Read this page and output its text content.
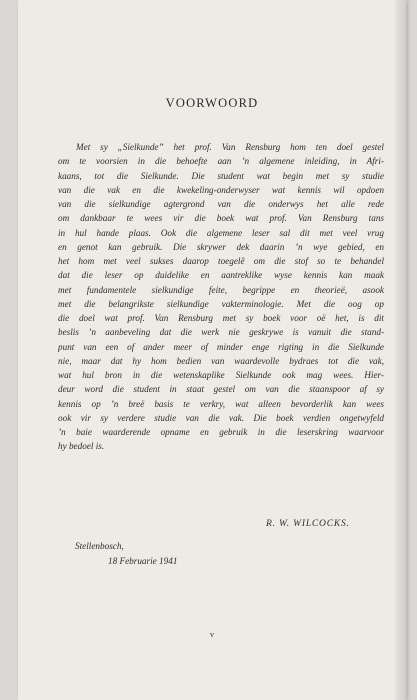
VOORWOORD
Met sy „Sielkunde” het prof. Van Rensburg hom ten doel gestel
om te voorsien in die behoefte aan ’n algemene inleiding, in Afri-
kaans, tot die Sielkunde. Die student wat begin met sy studie
van die vak en die kwekeling-onderwyser wat kennis wil opdoen
van die sielkundige agtergrond van die onderwys het alle rede
om dankbaar te wees vir die boek wat prof. Van Rensburg tans
in hul hande plaas. Ook die algemene leser sal dit met veel vrug
en genot kan gebruik. Die skrywer dek daarin ’n wye gebied, en
het hom met veel sukses daarop toegelê om die stof so te behandel
dat die leser op duidelike en aantreklike wyse kennis kan maak
met fundamentele sielkundige feite, begrippe en theorieë, asook
met die belangrikste sielkundige vakterminologie. Met die oog op
die doel wat prof. Van Rensburg met sy boek voor oë het, is dit
beslis ’n aanbeveling dat die werk nie geskrywe is vanuit die stand-
punt van een of ander meer of minder enge rigting in die Sielkunde
nie, maar dat hy hom bedien van waardevolle bydraes tot die vak,
wat hul bron in die wetenskaplike Sielkunde ook mag wees. Hier-
deur word die student in staat gestel om van die staanspoor af sy
kennis op ’n breë basis te verkry, wat alleen bevorderlik kan wees
ook vir sy verdere studie van die vak. Die boek verdien ongetwyfeld
’n baie waarderende opname en gebruik in die leserskring waarvoor
hy bedoel is.
R. W. WILCOCKS.
Stellenbosch,
18 Februarie 1941
v
